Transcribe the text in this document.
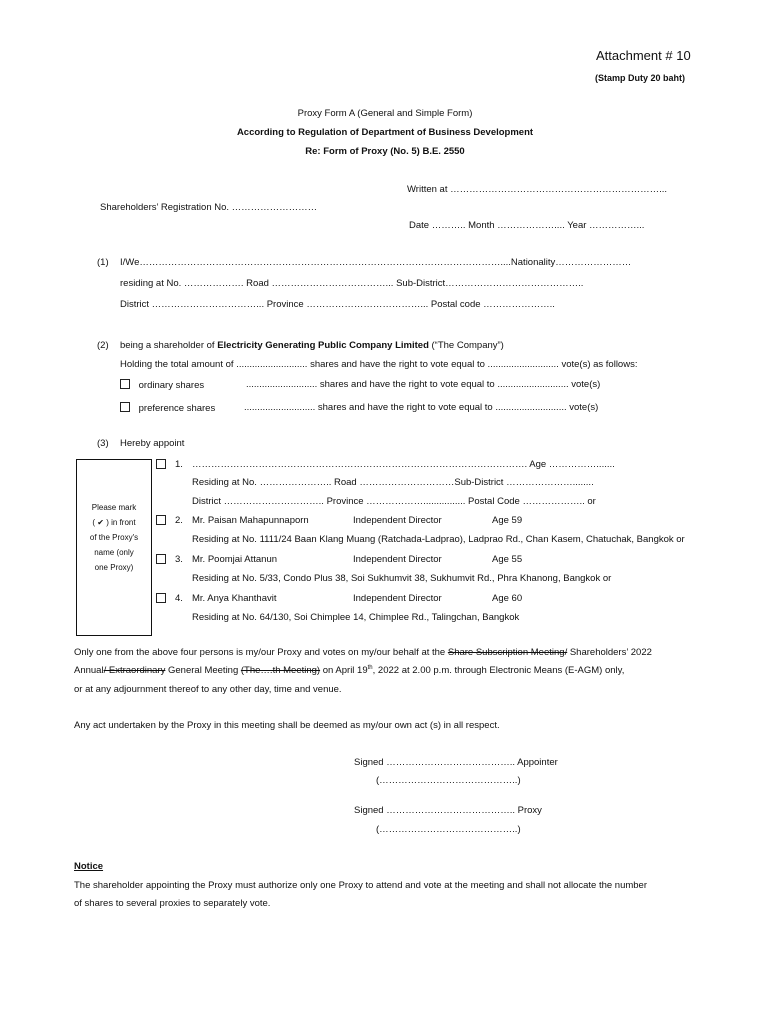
Attachment # 10
(Stamp Duty 20 baht)
Proxy Form A (General and Simple Form)
According to Regulation of Department of Business Development
Re: Form of Proxy (No. 5) B.E. 2550
Written at …………………………………………………………...
Shareholders’ Registration No. ………………………
Date ……….. Month ……………….... Year ……………...
(1) I/We……………………………………………………………………………………………………....Nationality……………………
residing at No. ………………. Road ………………………………... Sub-District……………………………………..
District ……………………………... Province ………………………………... Postal code …………………..
(2) being a shareholder of Electricity Generating Public Company Limited (“The Company”)
Holding the total amount of ........................... shares and have the right to vote equal to ........................... vote(s) as follows:
ordinary shares	........................... shares and have the right to vote equal to ........................... vote(s)
preference shares	........................... shares and have the right to vote equal to ........................... vote(s)
(3) Hereby appoint
Please mark
( ✔ ) in front
of the Proxy's
name (only
one Proxy)
1. ……………………………………………………………………………………………. Age …………….......
Residing at No. ………………….. Road …………………………Sub-District …………………........
District ………………………….. Province ………………................ Postal Code ……………….. or
2. Mr. Paisan Mahapunnaporn	Independent Director	Age 59
Residing at No. 1111/24 Baan Klang Muang (Ratchada-Ladprao), Ladprao Rd., Chan Kasem, Chatuchak, Bangkok or
3. Mr. Poomjai Attanun	Independent Director	Age 55
Residing at No. 5/33, Condo Plus 38, Soi Sukhumvit 38, Sukhumvit Rd., Phra Khanong, Bangkok or
4. Mr. Anya Khanthavit	Independent Director	Age 60
Residing at No. 64/130, Soi Chimplee 14, Chimplee Rd., Talingchan, Bangkok
Only one from the above four persons is my/our Proxy and votes on my/our behalf at the Share Subscription Meeting/ Shareholders’ 2022
Annual/ Extraordinary General Meeting (The….th Meeting) on April 19th, 2022 at 2.00 p.m. through Electronic Means (E-AGM) only,
or at any adjournment thereof to any other day, time and venue.
Any act undertaken by the Proxy in this meeting shall be deemed as my/our own act (s) in all respect.
Signed ………………………………….. Appointer
(……………………………………..)
Signed ………………………………….. Proxy
(……………………………………..)
Notice
The shareholder appointing the Proxy must authorize only one Proxy to attend and vote at the meeting and shall not allocate the number
of shares to several proxies to separately vote.
